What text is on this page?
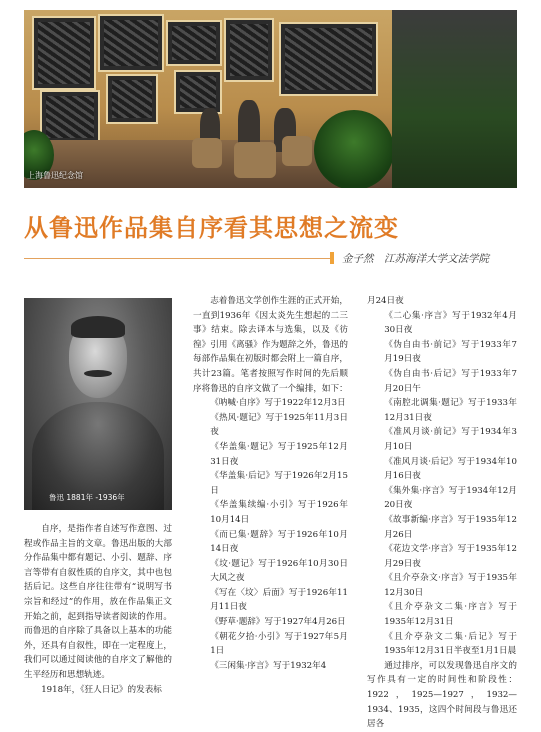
上海鲁迅纪念馆
从鲁迅作品集自序看其思想之流变
金子然　江苏海洋大学文法学院
鲁迅 1881年 -1936年

自序，是指作者自述写作意图、过程或作品主旨的文章。鲁迅出版的大部分作品集中都有题记、小引、题辞、序言等带有自叙性质的自序文，其中也包括后记。这些自序往往带有“说明写书宗旨和经过”的作用，放在作品集正文开始之前，起到指导读者阅读的作用。而鲁迅的自序除了具备以上基本的功能外，还具有自叙性，即在一定程度上，我们可以通过阅读他的自序文了解他的生平经历和思想轨迹。

1918年，《狂人日记》的发表标

志着鲁迅文学创作生涯的正式开始，一直到1936年《因太炎先生想起的二三事》结束。除去译本与选集，以及《彷徨》引用《离骚》作为题辞之外，鲁迅的每部作品集在初版时都会附上一篇自序，共计23篇。笔者按照写作时间的先后顺序将鲁迅的自序文做了一个编排，如下：

《呐喊·自序》写于1922年12月3日

《热风·题记》写于1925年11月3日夜

《华盖集·题记》写于1925年12月31日夜

《华盖集·后记》写于1926年2月15日

《华盖集续编·小引》写于1926年10月14日

《而已集·题辞》写于1926年10月14日夜

《坟·题记》写于1926年10月30日大风之夜

《写在〈坟〉后面》写于1926年11月11日夜

《野草·题辞》写于1927年4月26日

《朝花夕拾·小引》写于1927年5月1日

《三闲集·序言》写于1932年4

月24日夜

《二心集·序言》写于1932年4月30日夜

《伪自由书·前记》写于1933年7月19日夜

《伪自由书·后记》写于1933年7月20日午

《南腔北调集·题记》写于1933年12月31日夜

《准风月谈·前记》写于1934年3月10日

《准风月谈·后记》写于1934年10月16日夜

《集外集·序言》写于1934年12月20日夜

《故事新编·序言》写于1935年12月26日

《花边文学·序言》写于1935年12月29日夜

《且介亭杂文·序言》写于1935年12月30日

《且介亭杂文二集·序言》写于1935年12月31日

《且介亭杂文二集·后记》写于1935年12月31日半夜至1月1日晨

通过排序，可以发现鲁迅自序文的写作具有一定的时间性和阶段性：1922，1925—1927，1932—1934、1935，这四个时间段与鲁迅还居各
